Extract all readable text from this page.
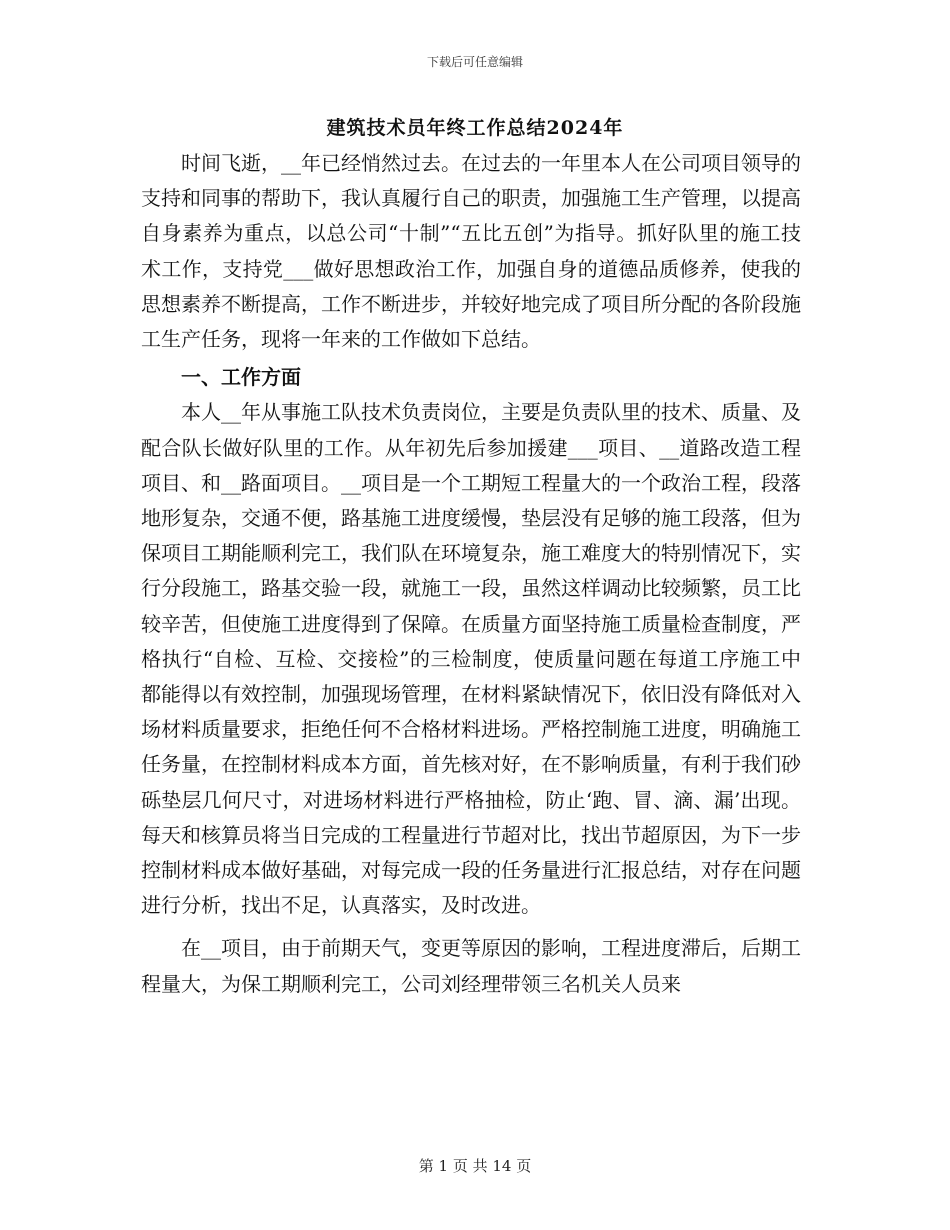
下载后可任意编辑
建筑技术员年终工作总结2024年

时间飞逝，__年已经悄然过去。在过去的一年里本人在公司项目领导的支持和同事的帮助下，我认真履行自己的职责，加强施工生产管理，以提高自身素养为重点，以总公司“十制”“五比五创”为指导。抓好队里的施工技术工作，支持党___做好思想政治工作，加强自身的道德品质修养，使我的思想素养不断提高，工作不断进步，并较好地完成了项目所分配的各阶段施工生产任务，现将一年来的工作做如下总结。

一、工作方面

本人__年从事施工队技术负责岗位，主要是负责队里的技术、质量、及配合队长做好队里的工作。从年初先后参加援建___项目、__道路改造工程项目、和__路面项目。__项目是一个工期短工程量大的一个政治工程，段落地形复杂，交通不便，路基施工进度缓慢，垫层没有足够的施工段落，但为保项目工期能顺利完工，我们队在环境复杂，施工难度大的特别情况下，实行分段施工，路基交验一段，就施工一段，虽然这样调动比较频繁，员工比较辛苦，但使施工进度得到了保障。在质量方面坚持施工质量检查制度，严格执行“自检、互检、交接检”的三检制度，使质量问题在每道工序施工中都能得以有效控制，加强现场管理，在材料紧缺情况下，依旧没有降低对入场材料质量要求，拒绝任何不合格材料进场。严格控制施工进度，明确施工任务量，在控制材料成本方面，首先核对好，在不影响质量，有利于我们砂砾垫层几何尺寸，对进场材料进行严格抽检，防止‘跑、冒、滴、漏’出现。每天和核算员将当日完成的工程量进行节超对比，找出节超原因，为下一步控制材料成本做好基础，对每完成一段的任务量进行汇报总结，对存在问题进行分析，找出不足，认真落实，及时改进。

在__项目，由于前期天气，变更等原因的影响，工程进度滞后，后期工程量大，为保工期顺利完工，公司刘经理带领三名机关人员来

第 1 页 共 14 页
